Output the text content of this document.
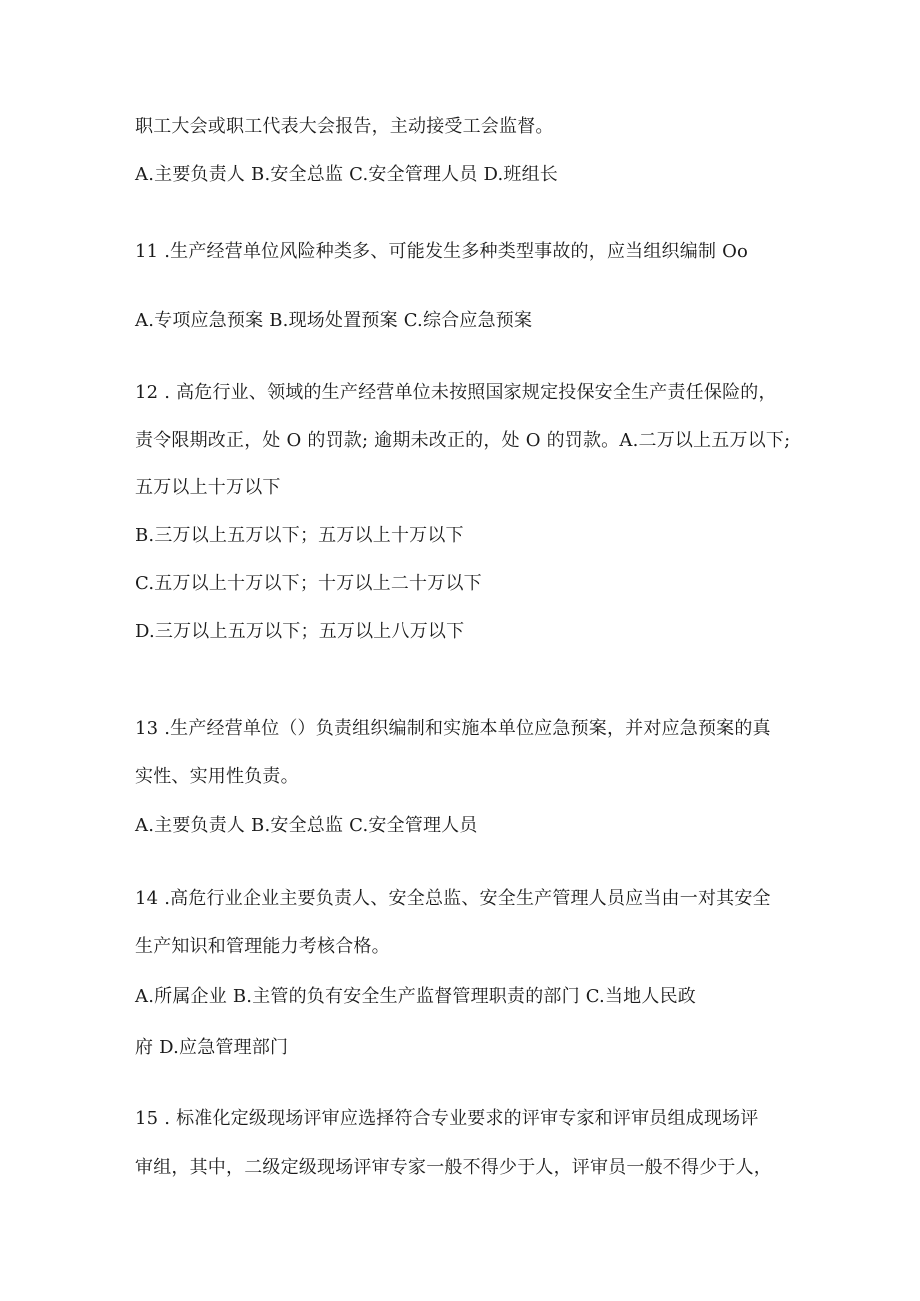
职工大会或职工代表大会报告，主动接受工会监督。

A.主要负责人 B.安全总监 C.安全管理人员 D.班组长

11 .生产经营单位风险种类多、可能发生多种类型事故的，应当组织编制 Oo

A.专项应急预案 B.现场处置预案 C.综合应急预案

12 . 高危行业、领域的生产经营单位未按照国家规定投保安全生产责任保险的，

责令限期改正，处 O 的罚款; 逾期未改正的，处 O 的罚款。A.二万以上五万以下;

五万以上十万以下

B.三万以上五万以下；五万以上十万以下

C.五万以上十万以下；十万以上二十万以下

D.三万以上五万以下；五万以上八万以下

13 .生产经营单位（）负责组织编制和实施本单位应急预案，并对应急预案的真

实性、实用性负责。

A.主要负责人 B.安全总监 C.安全管理人员

14 .高危行业企业主要负责人、安全总监、安全生产管理人员应当由一对其安全

生产知识和管理能力考核合格。

A.所属企业 B.主管的负有安全生产监督管理职责的部门 C.当地人民政

府 D.应急管理部门

15 . 标准化定级现场评审应选择符合专业要求的评审专家和评审员组成现场评

审组，其中，二级定级现场评审专家一般不得少于人，评审员一般不得少于人，
